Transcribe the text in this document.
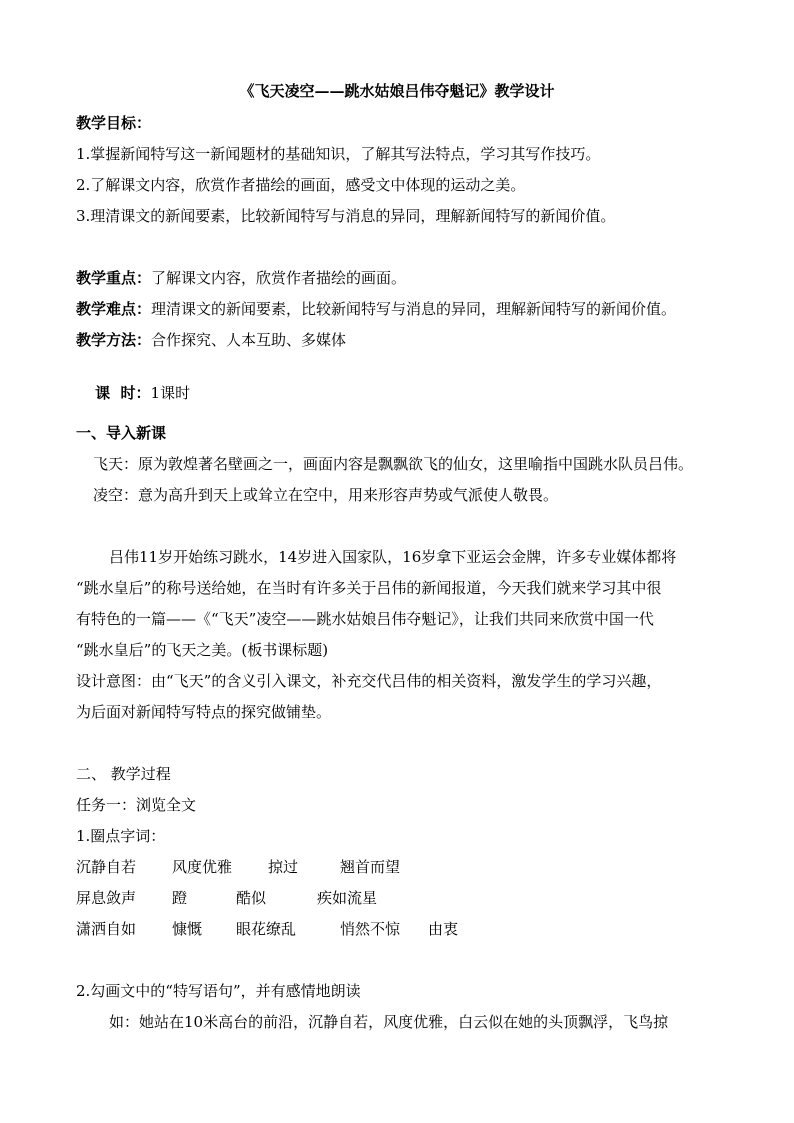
《飞天凌空——跳水姑娘吕伟夺魁记》教学设计
教学目标：
1.掌握新闻特写这一新闻题材的基础知识，了解其写法特点，学习其写作技巧。
2.了解课文内容，欣赏作者描绘的画面，感受文中体现的运动之美。
3.理清课文的新闻要素，比较新闻特写与消息的异同，理解新闻特写的新闻价值。
教学重点：了解课文内容，欣赏作者描绘的画面。
教学难点：理清课文的新闻要素，比较新闻特写与消息的异同，理解新闻特写的新闻价值。
教学方法：合作探究、人本互助、多媒体

课  时：1课时

一、导入新课
飞天：原为敦煌著名壁画之一，画面内容是飘飘欲飞的仙女，这里喻指中国跳水队员吕伟。
凌空：意为高升到天上或耸立在空中，用来形容声势或气派使人敬畏。
吕伟11岁开始练习跳水，14岁进入国家队，16岁拿下亚运会金牌，许多专业媒体都将
“跳水皇后”的称号送给她，在当时有许多关于吕伟的新闻报道，今天我们就来学习其中很
有特色的一篇——《“飞天”凌空——跳水姑娘吕伟夺魁记》，让我们共同来欣赏中国一代
“跳水皇后”的飞天之美。(板书课标题)
设计意图：由“飞天”的含义引入课文，补充交代吕伟的相关资料，激发学生的学习兴趣，
为后面对新闻特写特点的探究做铺垫。
二、 教学过程
任务一：浏览全文
1.圈点字词：
沉静自若 风度优雅 掠过	翘首而望
屏息敛声 蹬	酷似	疾如流星
潇洒自如 慷慨 眼花缭乱	悄然不惊 由衷
2.勾画文中的“特写语句”，并有感情地朗读
如：她站在10米高台的前沿，沉静自若，风度优雅，白云似在她的头顶飘浮，飞鸟掠
